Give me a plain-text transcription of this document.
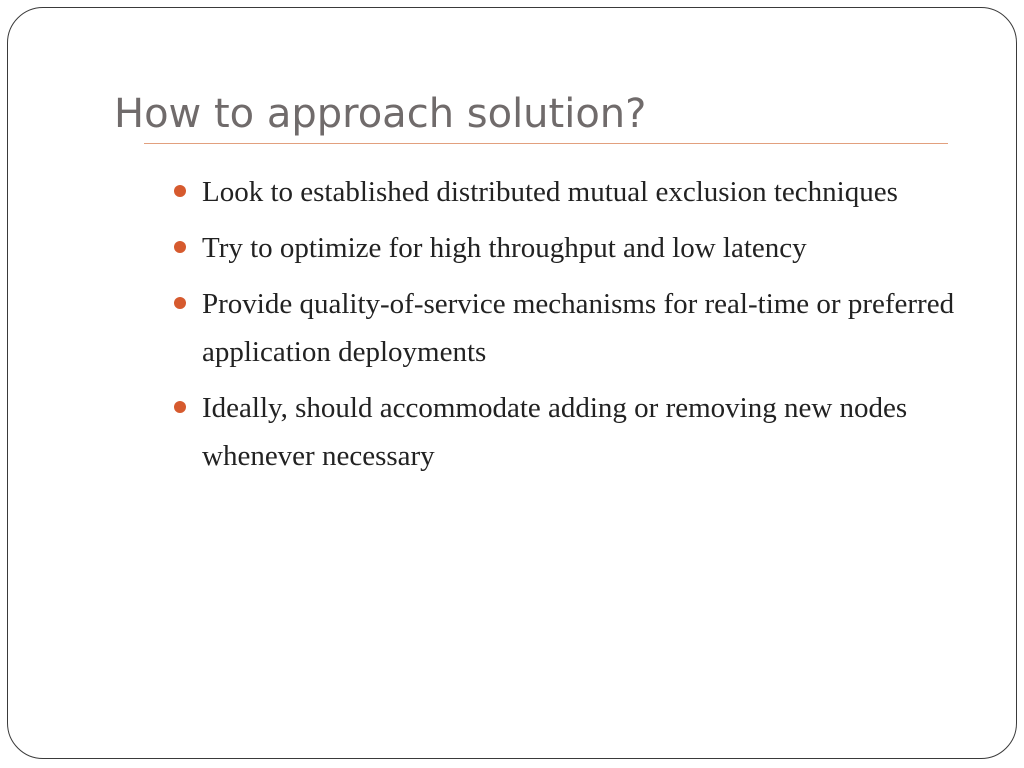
How to approach solution?
Look to established distributed mutual exclusion techniques
Try to optimize for high throughput and low latency
Provide quality-of-service mechanisms for real-time or preferred application deployments
Ideally, should accommodate adding or removing new nodes whenever necessary
